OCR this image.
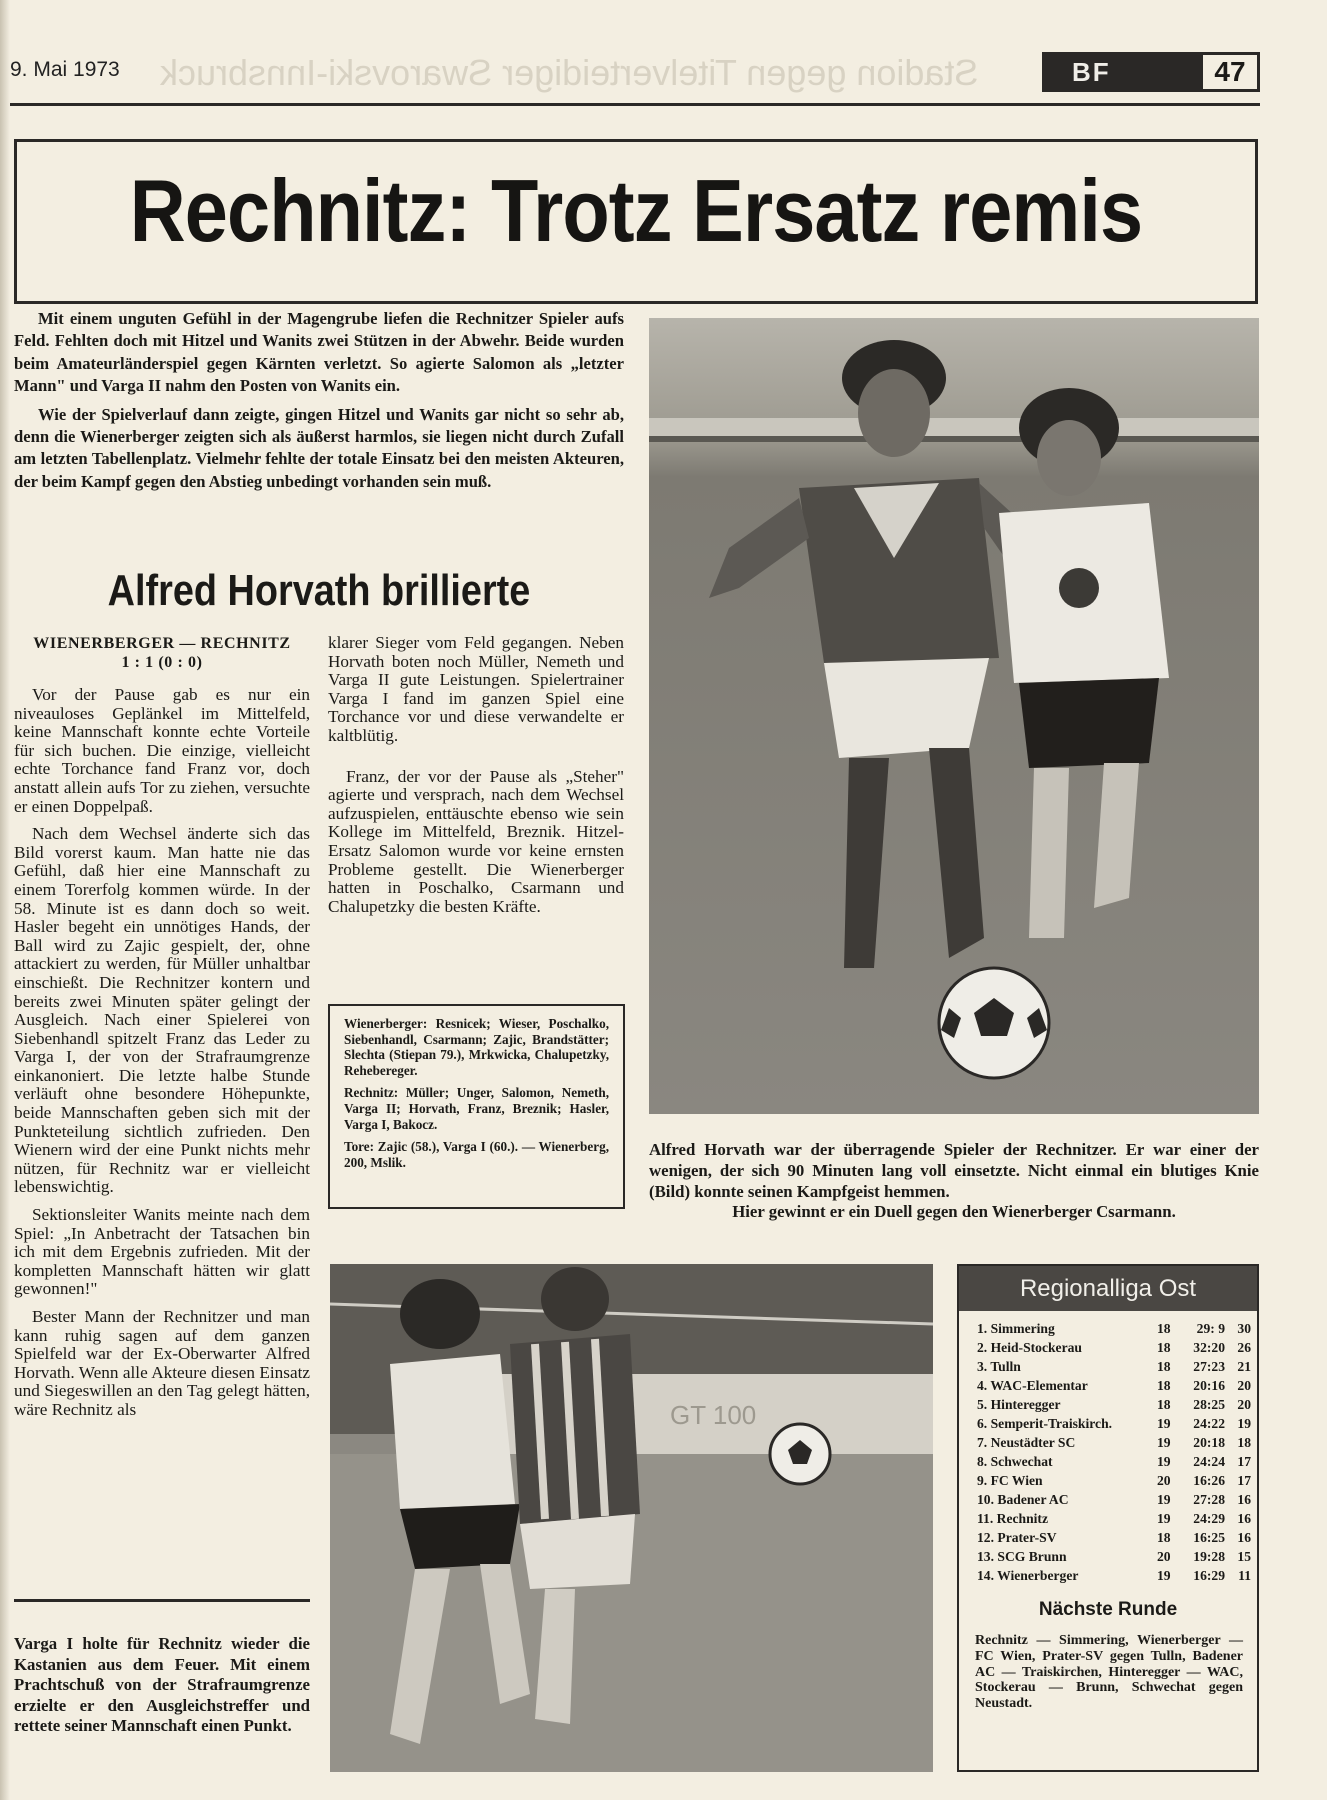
9. Mai 1973 Stadion gegen Titelverteidiger Swarovski-Innsbruck	BF	47
Rechnitz: Trotz Ersatz remis

Mit einem unguten Gefühl in der Magengrube liefen die Rechnitzer Spieler aufs Feld. Fehlten doch mit Hitzel und Wanits zwei Stützen in der Abwehr. Beide wurden beim Amateurländerspiel gegen Kärnten verletzt. So agierte Salomon als „letzter Mann" und Varga II nahm den Posten von Wanits ein.

Wie der Spielverlauf dann zeigte, gingen Hitzel und Wanits gar nicht so sehr ab, denn die Wienerberger zeigten sich als äußerst harmlos, sie liegen nicht durch Zufall am letzten Tabellenplatz. Vielmehr fehlte der totale Einsatz bei den meisten Akteuren, der beim Kampf gegen den Abstieg unbedingt vorhanden sein muß.

Alfred Horvath brillierte
WIENERBERGER — RECHNITZ
1 : 1 (0 : 0)

Vor der Pause gab es nur ein niveauloses Geplänkel im Mittelfeld, keine Mannschaft konnte echte Vorteile für sich buchen. Die einzige, vielleicht echte Torchance fand Franz vor, doch anstatt allein aufs Tor zu ziehen, versuchte er einen Doppelpaß.

Nach dem Wechsel änderte sich das Bild vorerst kaum. Man hatte nie das Gefühl, daß hier eine Mannschaft zu einem Torerfolg kommen würde. In der 58. Minute ist es dann doch so weit. Hasler begeht ein unnötiges Hands, der Ball wird zu Zajic gespielt, der, ohne attackiert zu werden, für Müller unhaltbar einschießt. Die Rechnitzer kontern und bereits zwei Minuten später gelingt der Ausgleich. Nach einer Spielerei von Siebenhandl spitzelt Franz das Leder zu Varga I, der von der Strafraumgrenze einkanoniert. Die letzte halbe Stunde verläuft ohne besondere Höhepunkte, beide Mannschaften geben sich mit der Punkteteilung sichtlich zufrieden. Den Wienern wird der eine Punkt nichts mehr nützen, für Rechnitz war er vielleicht lebenswichtig.

Sektionsleiter Wanits meinte nach dem Spiel: „In Anbetracht der Tatsachen bin ich mit dem Ergebnis zufrieden. Mit der kompletten Mannschaft hätten wir glatt gewonnen!"

Bester Mann der Rechnitzer und man kann ruhig sagen auf dem ganzen Spielfeld war der Ex-Oberwarter Alfred Horvath. Wenn alle Akteure diesen Einsatz und Siegeswillen an den Tag gelegt hätten, wäre Rechnitz als

klarer Sieger vom Feld gegangen. Neben Horvath boten noch Müller, Nemeth und Varga II gute Leistungen. Spielertrainer Varga I fand im ganzen Spiel eine Torchance vor und diese verwandelte er kaltblütig.

Franz, der vor der Pause als „Steher" agierte und versprach, nach dem Wechsel aufzuspielen, enttäuschte ebenso wie sein Kollege im Mittelfeld, Breznik. Hitzel-Ersatz Salomon wurde vor keine ernsten Probleme gestellt. Die Wienerberger hatten in Poschalko, Csarmann und Chalupetzky die besten Kräfte.

Wienerberger: Resnicek; Wieser, Poschalko, Siebenhandl, Csarmann; Zajic, Brandstätter; Slechta (Stiepan 79.), Mrkwicka, Chalupetzky, Rehebereger.

Rechnitz: Müller; Unger, Salomon, Nemeth, Varga II; Horvath, Franz, Breznik; Hasler, Varga I, Bakocz.

Tore: Zajic (58.), Varga I (60.). — Wienerberg, 200, Mslik.

Alfred Horvath war der überragende Spieler der Rechnitzer. Er war einer der wenigen, der sich 90 Minuten lang voll einsetzte. Nicht einmal ein blutiges Knie (Bild) konnte seinen Kampfgeist hemmen.
Hier gewinnt er ein Duell gegen den Wienerberger Csarmann.
GT 100
Varga I holte für Rechnitz wieder die Kastanien aus dem Feuer. Mit einem Prachtschuß von der Strafraumgrenze erzielte er den Ausgleichstreffer und rettete seiner Mannschaft einen Punkt.
Regionalliga Ost
1. Simmering	18	29: 9 30
2. Heid-Stockerau	18	32:20 26
3. Tulln	18	27:23 21
4. WAC-Elementar	18	20:16 20
5. Hinteregger	18	28:25 20
6. Semperit-Traiskirch.	19	24:22 19
7. Neustädter SC	19	20:18 18
8. Schwechat	19	24:24 17
9. FC Wien	20	16:26 17
10. Badener AC	19	27:28 16
11. Rechnitz	19	24:29 16
12. Prater-SV	18	16:25 16
13. SCG Brunn	20	19:28 15
14. Wienerberger	19	16:29 11
Nächste Runde
Rechnitz — Simmering, Wienerberger — FC Wien, Prater-SV gegen Tulln, Badener AC — Traiskirchen, Hinteregger — WAC, Stockerau — Brunn, Schwechat gegen Neustadt.
